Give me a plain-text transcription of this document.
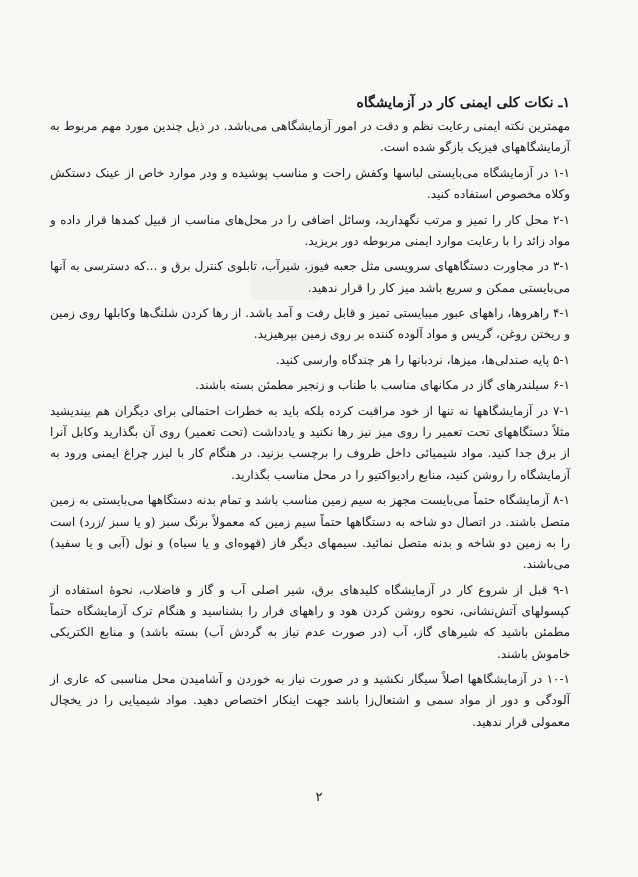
۱ـ نکات کلی ایمنی کار در آزمایشگاه

مهمترین نکته ایمنی رعایت نظم و دقت در امور آزمایشگاهی می‌باشد. در ذیل چندین مورد مهم مربوط به آزمایشگاههای فیزیک بازگو شده است.

۱-۱ در آزمایشگاه می‌بایستی لباسها وکفش راحت و مناسب پوشیده و ودر موارد خاص از عینک دستکش وکلاه مخصوص استفاده کنید.

۲-۱ محل کار را تمیز و مرتب نگهدارید، وسائل اضافی را در محل‌های مناسب از قبیل کمدها قرار داده و مواد زائد را با رعایت موارد ایمنی مربوطه دور بریزید.

۳-۱ در مجاورت دستگاههای سرویسی مثل جعبه فیوز، شیرآب، تابلوی کنترل برق و ...که دسترسی به آنها می‌بایستی ممکن و سریع باشد میز کار را قرار ندهید.

۴-۱ راهروها، راههای عبور میبایستی تمیز و قابل رفت و آمد باشد. از رها کردن شلنگ‌ها وکابلها روی زمین و ریختن روغن، گریس و مواد آلوده کننده بر روی زمین بپرهیزید.

۵-۱ پایه صندلی‌ها، میزها، نردبانها را هر چندگاه وارسی کنید.

۶-۱ سیلندرهای گاز در مکانهای مناسب با طناب و زنجیر مطمئن بسته باشند.

۷-۱ در آزمایشگاهها نه تنها از خود مراقبت کرده بلکه باید به خطرات احتمالی برای دیگران هم بیندیشید مثلاً دستگاههای تحت تعمیر را روی میز نیز رها نکنید و یادداشت (تحت تعمیر) روی آن بگذارید وکابل آنرا از برق جدا کنید. مواد شیمیائی داخل ظروف را برچسب بزنید. در هنگام کار با لیزر چراغ ایمنی ورود به آزمایشگاه را روشن کنید، منابع رادیواکتیو را در محل مناسب بگذارید.

۸-۱ آزمایشگاه حتماً می‌بایست مجهز به سیم زمین مناسب باشد و تمام بدنه دستگاهها می‌بایستی به زمین متصل باشند. در اتصال دو شاخه به دستگاهها حتماً سیم زمین که معمولاً برنگ سبز (و یا سبز /زرد) است را به زمین دو شاخه و بدنه متصل نمائید. سیمهای دیگر فاز (قهوه‌ای و یا سیاه) و نول (آبی و یا سفید) می‌باشند.

۹-۱ قبل از شروع کار در آزمایشگاه کلیدهای برق، شیر اصلی آب و گاز و فاضلاب، نحوهٔ استفاده از کپسولهای آتش‌نشانی، نحوه روشن کردن هود و راههای فرار را بشناسید و هنگام ترک آزمایشگاه حتماً مطمئن باشید که شیرهای گاز، آب (در صورت عدم نیاز به گردش آب) بسته باشد) و منابع الکتریکی خاموش باشند.

۱۰-۱ در آزمایشگاهها اصلاً سیگار نکشید و در صورت نیاز به خوردن و آشامیدن محل مناسبی که عاری از آلودگی و دور از مواد سمی و اشتعال‌زا باشد جهت اینکار اختصاص دهید. مواد شیمیایی را در یخچال معمولی قرار ندهید.

۲
